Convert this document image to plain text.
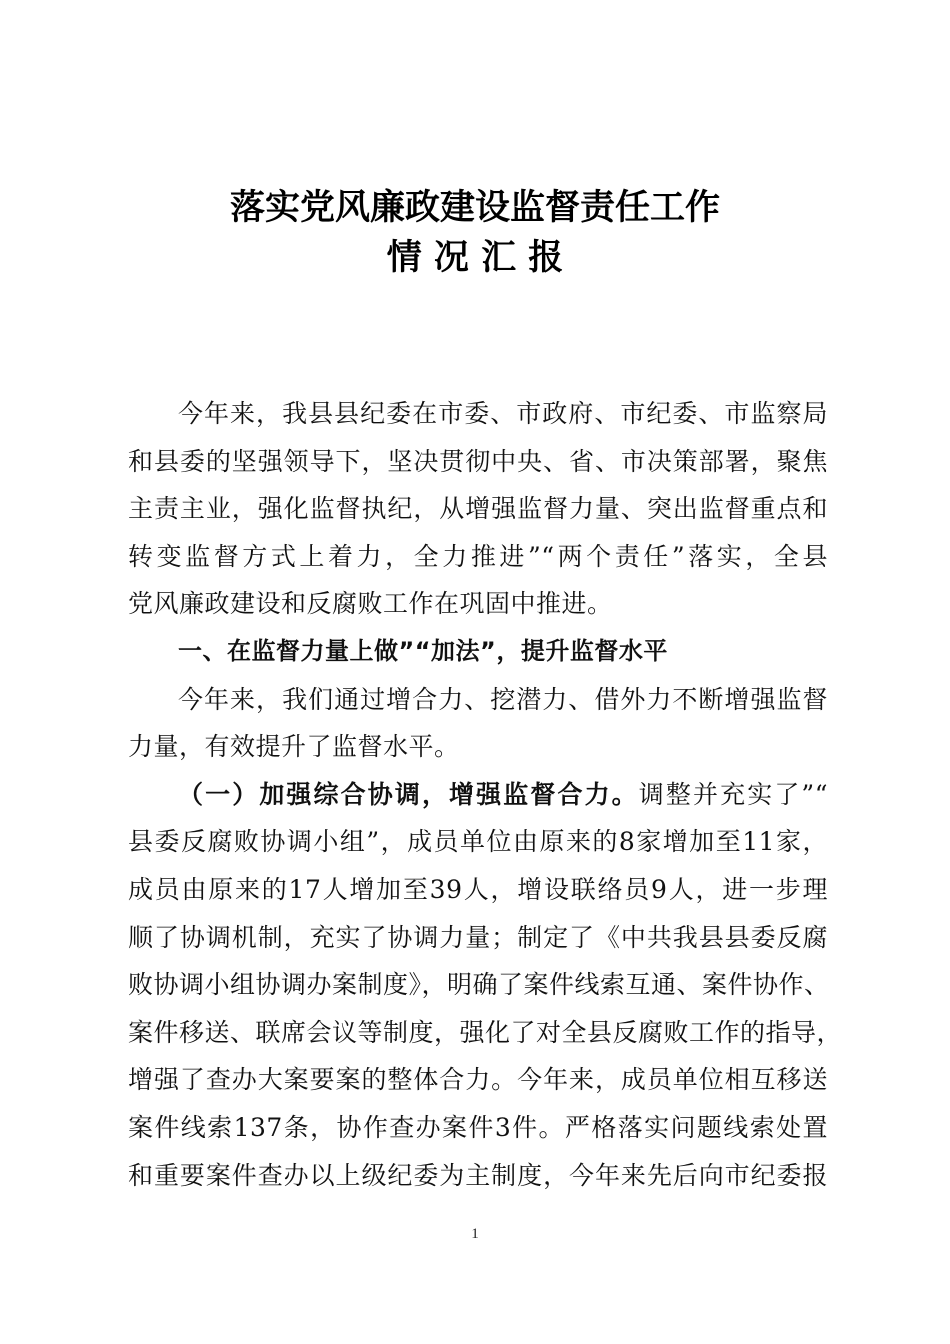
落实党风廉政建设监督责任工作
情 况 汇 报
今年来，我县县纪委在市委、市政府、市纪委、市监察局
和县委的坚强领导下，坚决贯彻中央、省、市决策部署，聚焦
主责主业，强化监督执纪，从增强监督力量、突出监督重点和
转变监督方式上着力，全力推进”“两个责任”落实，全县
党风廉政建设和反腐败工作在巩固中推进。
一、在监督力量上做”“加法”，提升监督水平
今年来，我们通过增合力、挖潜力、借外力不断增强监督
力量，有效提升了监督水平。
（一）加强综合协调，增强监督合力。调整并充实了”“
县委反腐败协调小组”，成员单位由原来的8家增加至11家，
成员由原来的17人增加至39人，增设联络员9人，进一步理
顺了协调机制，充实了协调力量；制定了《中共我县县委反腐
败协调小组协调办案制度》，明确了案件线索互通、案件协作、
案件移送、联席会议等制度，强化了对全县反腐败工作的指导，
增强了查办大案要案的整体合力。今年来，成员单位相互移送
案件线索137条，协作查办案件3件。严格落实问题线索处置
和重要案件查办以上级纪委为主制度，今年来先后向市纪委报
1
